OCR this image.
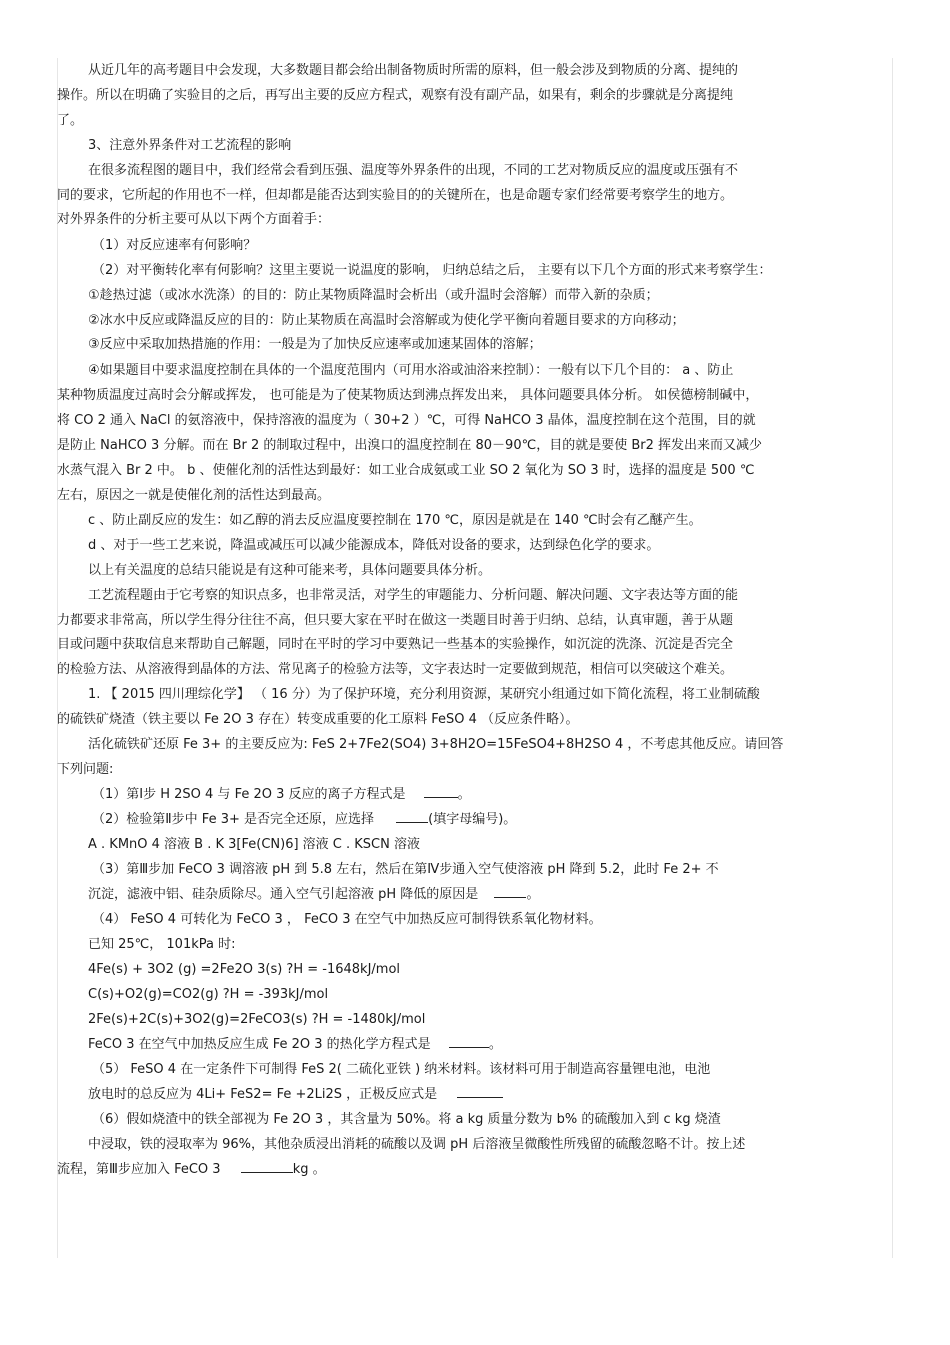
从近几年的高考题目中会发现，大多数题目都会给出制备物质时所需的原料，但一般会涉及到物质的分离、提纯的
操作。所以在明确了实验目的之后，再写出主要的反应方程式，观察有没有副产品，如果有，剩余的步骤就是分离提纯
了。
3、注意外界条件对工艺流程的影响
在很多流程图的题目中，我们经常会看到压强、温度等外界条件的出现，不同的工艺对物质反应的温度或压强有不
同的要求，它所起的作用也不一样，但却都是能否达到实验目的的关键所在，也是命题专家们经常要考察学生的地方。
对外界条件的分析主要可从以下两个方面着手：
（1）对反应速率有何影响？
（2）对平衡转化率有何影响？这里主要说一说温度的影响， 归纳总结之后， 主要有以下几个方面的形式来考察学生：
①趁热过滤（或冰水洗涤）的目的：防止某物质降温时会析出（或升温时会溶解）而带入新的杂质；
②冰水中反应或降温反应的目的：防止某物质在高温时会溶解或为使化学平衡向着题目要求的方向移动；
③反应中采取加热措施的作用：一般是为了加快反应速率或加速某固体的溶解；
④如果题目中要求温度控制在具体的一个温度范围内（可用水浴或油浴来控制）：一般有以下几个目的： a 、防止
某种物质温度过高时会分解或挥发， 也可能是为了使某物质达到沸点挥发出来， 具体问题要具体分析。 如侯德榜制碱中，
将 CO 2 通入 NaCl 的氨溶液中，保持溶液的温度为（ 30+2 ）℃，可得 NaHCO 3 晶体，温度控制在这个范围，目的就
是防止 NaHCO 3 分解。而在 Br 2 的制取过程中，出溴口的温度控制在 80－90℃，目的就是要使 Br2 挥发出来而又减少
水蒸气混入 Br 2 中。 b 、使催化剂的活性达到最好：如工业合成氨或工业 SO 2 氧化为 SO 3 时，选择的温度是 500 ℃
左右，原因之一就是使催化剂的活性达到最高。
c 、防止副反应的发生：如乙醇的消去反应温度要控制在 170 ℃，原因是就是在 140 ℃时会有乙醚产生。
d 、对于一些工艺来说，降温或减压可以减少能源成本，降低对设备的要求，达到绿色化学的要求。
以上有关温度的总结只能说是有这种可能来考，具体问题要具体分析。
工艺流程题由于它考察的知识点多，也非常灵活，对学生的审题能力、分析问题、解决问题、文字表达等方面的能
力都要求非常高，所以学生得分往往不高，但只要大家在平时在做这一类题目时善于归纳、总结，认真审题，善于从题
目或问题中获取信息来帮助自己解题，同时在平时的学习中要熟记一些基本的实验操作，如沉淀的洗涤、沉淀是否完全
的检验方法、从溶液得到晶体的方法、常见离子的检验方法等，文字表达时一定要做到规范，相信可以突破这个难关。
1. 【 2015 四川理综化学】 （ 16 分）为了保护环境，充分利用资源，某研究小组通过如下简化流程，将工业制硫酸
的硫铁矿烧渣（铁主要以 Fe 2O 3 存在）转变成重要的化工原料 FeSO 4 （反应条件略）。
活化硫铁矿还原 Fe 3+ 的主要反应为: FeS 2+7Fe2(SO4) 3+8H2O=15FeSO4+8H2SO 4 ，不考虑其他反应。请回答
下列问题:
（1）第Ⅰ步 H 2SO 4 与 Fe 2O 3 反应的离子方程式是	。
（2）检验第Ⅱ步中 Fe 3+ 是否完全还原，应选择	(填字母编号)。
A . KMnO 4 溶液 B . K 3[Fe(CN)6] 溶液 C . KSCN 溶液
（3）第Ⅲ步加 FeCO 3 调溶液 pH 到 5.8 左右，然后在第Ⅳ步通入空气使溶液 pH 降到 5.2，此时 Fe 2+ 不
沉淀，滤液中铝、硅杂质除尽。通入空气引起溶液 pH 降低的原因是	。
（4） FeSO 4 可转化为 FeCO 3 ， FeCO 3 在空气中加热反应可制得铁系氧化物材料。
已知 25℃， 101kPa 时:
4Fe(s) + 3O2 (g) =2Fe2O 3(s) ?H = -1648kJ/mol
C(s)+O2(g)=CO2(g) ?H = -393kJ/mol
2Fe(s)+2C(s)+3O2(g)=2FeCO3(s) ?H = -1480kJ/mol
FeCO 3 在空气中加热反应生成 Fe 2O 3 的热化学方程式是	。
（5） FeSO 4 在一定条件下可制得 FeS 2( 二硫化亚铁 ) 纳米材料。该材料可用于制造高容量锂电池，电池
放电时的总反应为 4Li+ FeS2= Fe +2Li2S ，正极反应式是
（6）假如烧渣中的铁全部视为 Fe 2O 3 ，其含量为 50%。将 a kg 质量分数为 b% 的硫酸加入到 c kg 烧渣
中浸取，铁的浸取率为 96%，其他杂质浸出消耗的硫酸以及调 pH 后溶液呈微酸性所残留的硫酸忽略不计。按上述
流程，第Ⅲ步应加入 FeCO 3	kg 。
